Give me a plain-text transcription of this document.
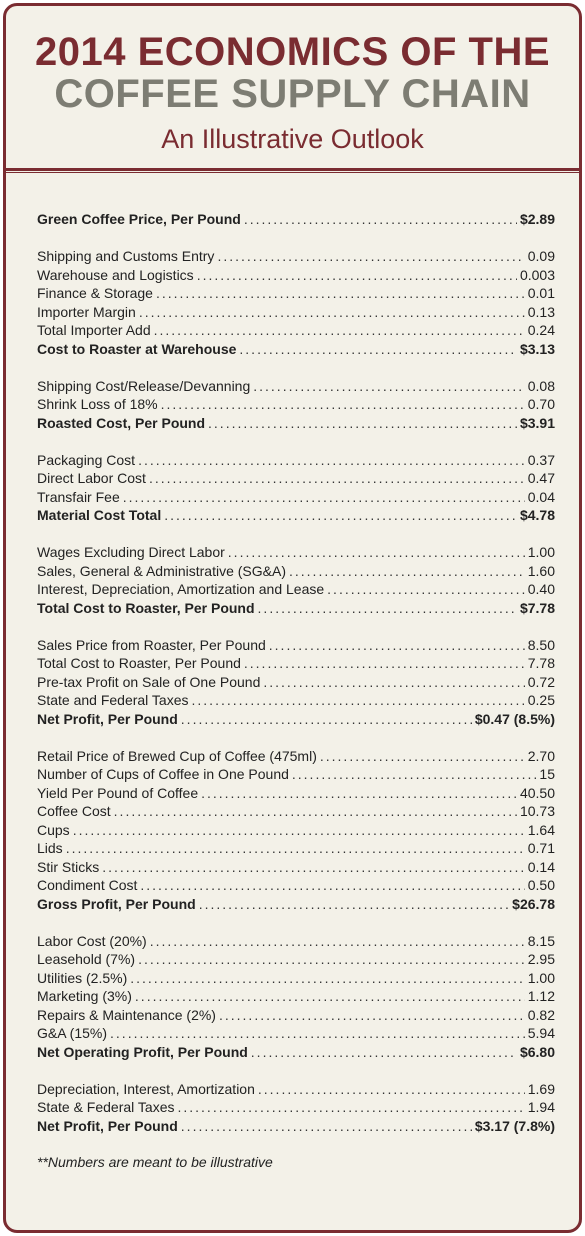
2014 ECONOMICS OF THE
COFFEE SUPPLY CHAIN
An Illustrative Outlook
Green Coffee Price, Per Pound .....	$2.89
Shipping and Customs Entry .....	0.09
Warehouse and Logistics .....	0.003
Finance & Storage .....	0.01
Importer Margin .....	0.13
Total Importer Add .....	0.24
Cost to Roaster at Warehouse .....	$3.13
Shipping Cost/Release/Devanning .....	0.08
Shrink Loss of 18% .....	0.70
Roasted Cost, Per Pound .....	$3.91
Packaging Cost .....	0.37
Direct Labor Cost .....	0.47
Transfair Fee .....	0.04
Material Cost Total .....	$4.78
Wages Excluding Direct Labor .....	1.00
Sales, General & Administrative (SG&A) .....	1.60
Interest, Depreciation, Amortization and Lease .....	0.40
Total Cost to Roaster, Per Pound .....	$7.78
Sales Price from Roaster, Per Pound .....	8.50
Total Cost to Roaster, Per Pound .....	7.78
Pre-tax Profit on Sale of One Pound .....	0.72
State and Federal Taxes .....	0.25
Net Profit, Per Pound .....	$0.47 (8.5%)
Retail Price of Brewed Cup of Coffee (475ml) .....	2.70
Number of Cups of Coffee in One Pound .....	15
Yield Per Pound of Coffee .....	40.50
Coffee Cost .....	10.73
Cups .....	1.64
Lids .....	0.71
Stir Sticks .....	0.14
Condiment Cost .....	0.50
Gross Profit, Per Pound .....	$26.78
Labor Cost (20%) .....	8.15
Leasehold (7%) .....	2.95
Utilities (2.5%) .....	1.00
Marketing (3%) .....	1.12
Repairs & Maintenance (2%) .....	0.82
G&A (15%) .....	5.94
Net Operating Profit, Per Pound .....	$6.80
Depreciation, Interest, Amortization .....	1.69
State & Federal Taxes .....	1.94
Net Profit, Per Pound .....	$3.17 (7.8%)
**Numbers are meant to be illustrative
